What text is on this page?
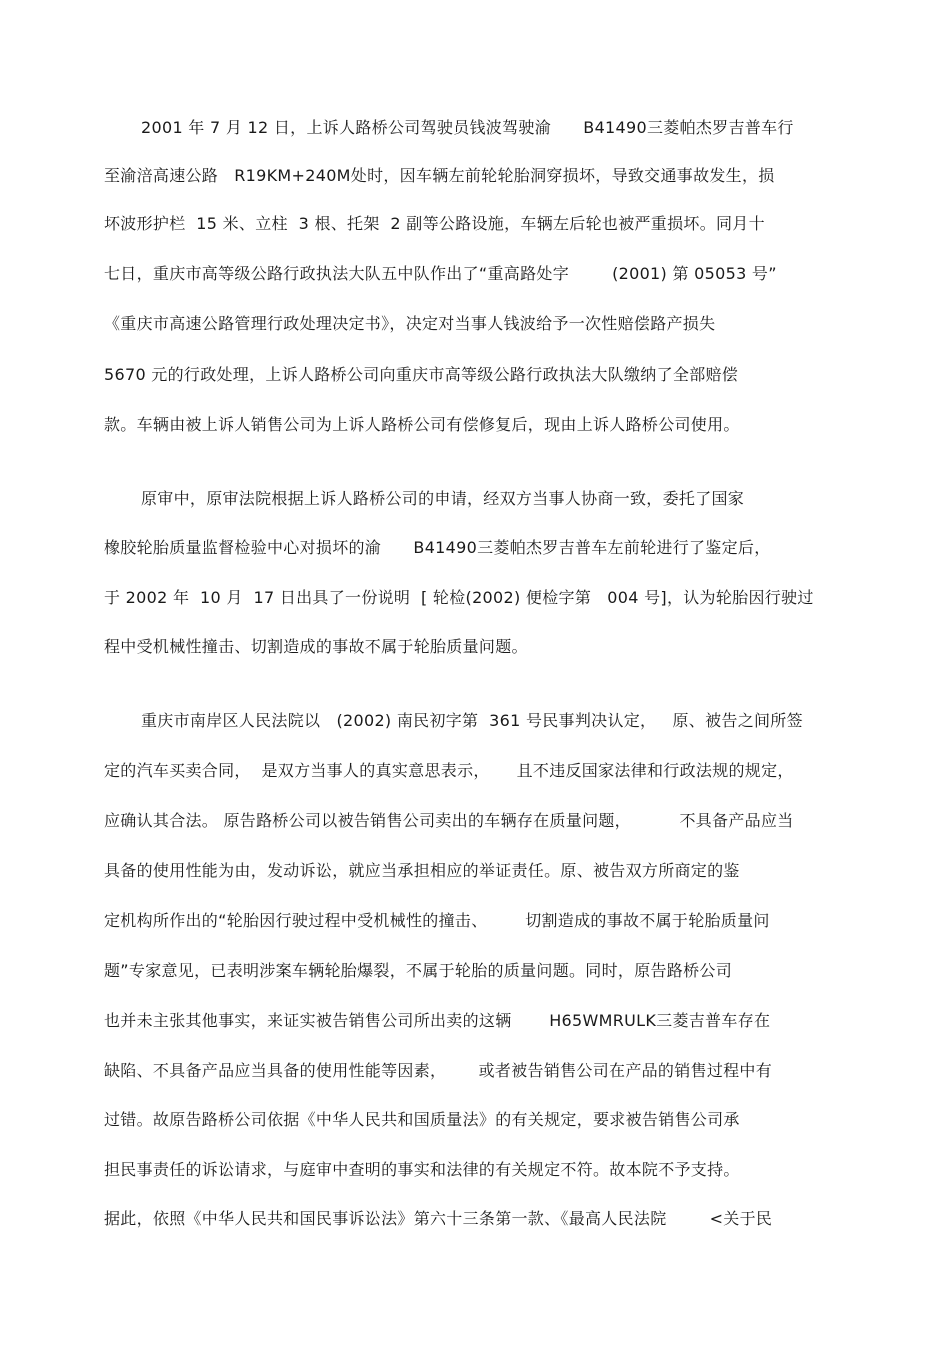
2001 年 7 月 12 日，上诉人路桥公司驾驶员钱波驾驶渝      B41490三菱帕杰罗吉普车行
至渝涪高速公路   R19KM+240M处时，因车辆左前轮轮胎洞穿损坏，导致交通事故发生，损
坏波形护栏  15 米、立柱  3 根、托架  2 副等公路设施，车辆左后轮也被严重损坏。同月十
七日，重庆市高等级公路行政执法大队五中队作出了“重高路处字        (2001) 第 05053 号”
《重庆市高速公路管理行政处理决定书》，决定对当事人钱波给予一次性赔偿路产损失
5670 元的行政处理，上诉人路桥公司向重庆市高等级公路行政执法大队缴纳了全部赔偿
款。车辆由被上诉人销售公司为上诉人路桥公司有偿修复后，现由上诉人路桥公司使用。
原审中，原审法院根据上诉人路桥公司的申请，经双方当事人协商一致，委托了国家
橡胶轮胎质量监督检验中心对损坏的渝      B41490三菱帕杰罗吉普车左前轮进行了鉴定后，
于 2002 年  10 月  17 日出具了一份说明  [ 轮检(2002) 便检字第   004 号]，认为轮胎因行驶过
程中受机械性撞击、切割造成的事故不属于轮胎质量问题。
重庆市南岸区人民法院以   (2002) 南民初字第  361 号民事判决认定，   原、被告之间所签
定的汽车买卖合同，  是双方当事人的真实意思表示，     且不违反国家法律和行政法规的规定，
应确认其合法。 原告路桥公司以被告销售公司卖出的车辆存在质量问题，         不具备产品应当
具备的使用性能为由，发动诉讼，就应当承担相应的举证责任。原、被告双方所商定的鉴
定机构所作出的“轮胎因行驶过程中受机械性的撞击、       切割造成的事故不属于轮胎质量问
题”专家意见，已表明涉案车辆轮胎爆裂，不属于轮胎的质量问题。同时，原告路桥公司
也并未主张其他事实，来证实被告销售公司所出卖的这辆       H65WMRULK三菱吉普车存在
缺陷、不具备产品应当具备的使用性能等因素，      或者被告销售公司在产品的销售过程中有
过错。故原告路桥公司依据《中华人民共和国质量法》的有关规定，要求被告销售公司承
担民事责任的诉讼请求，与庭审中查明的事实和法律的有关规定不符。故本院不予支持。
据此，依照《中华人民共和国民事诉讼法》第六十三条第一款、《最高人民法院        <关于民
